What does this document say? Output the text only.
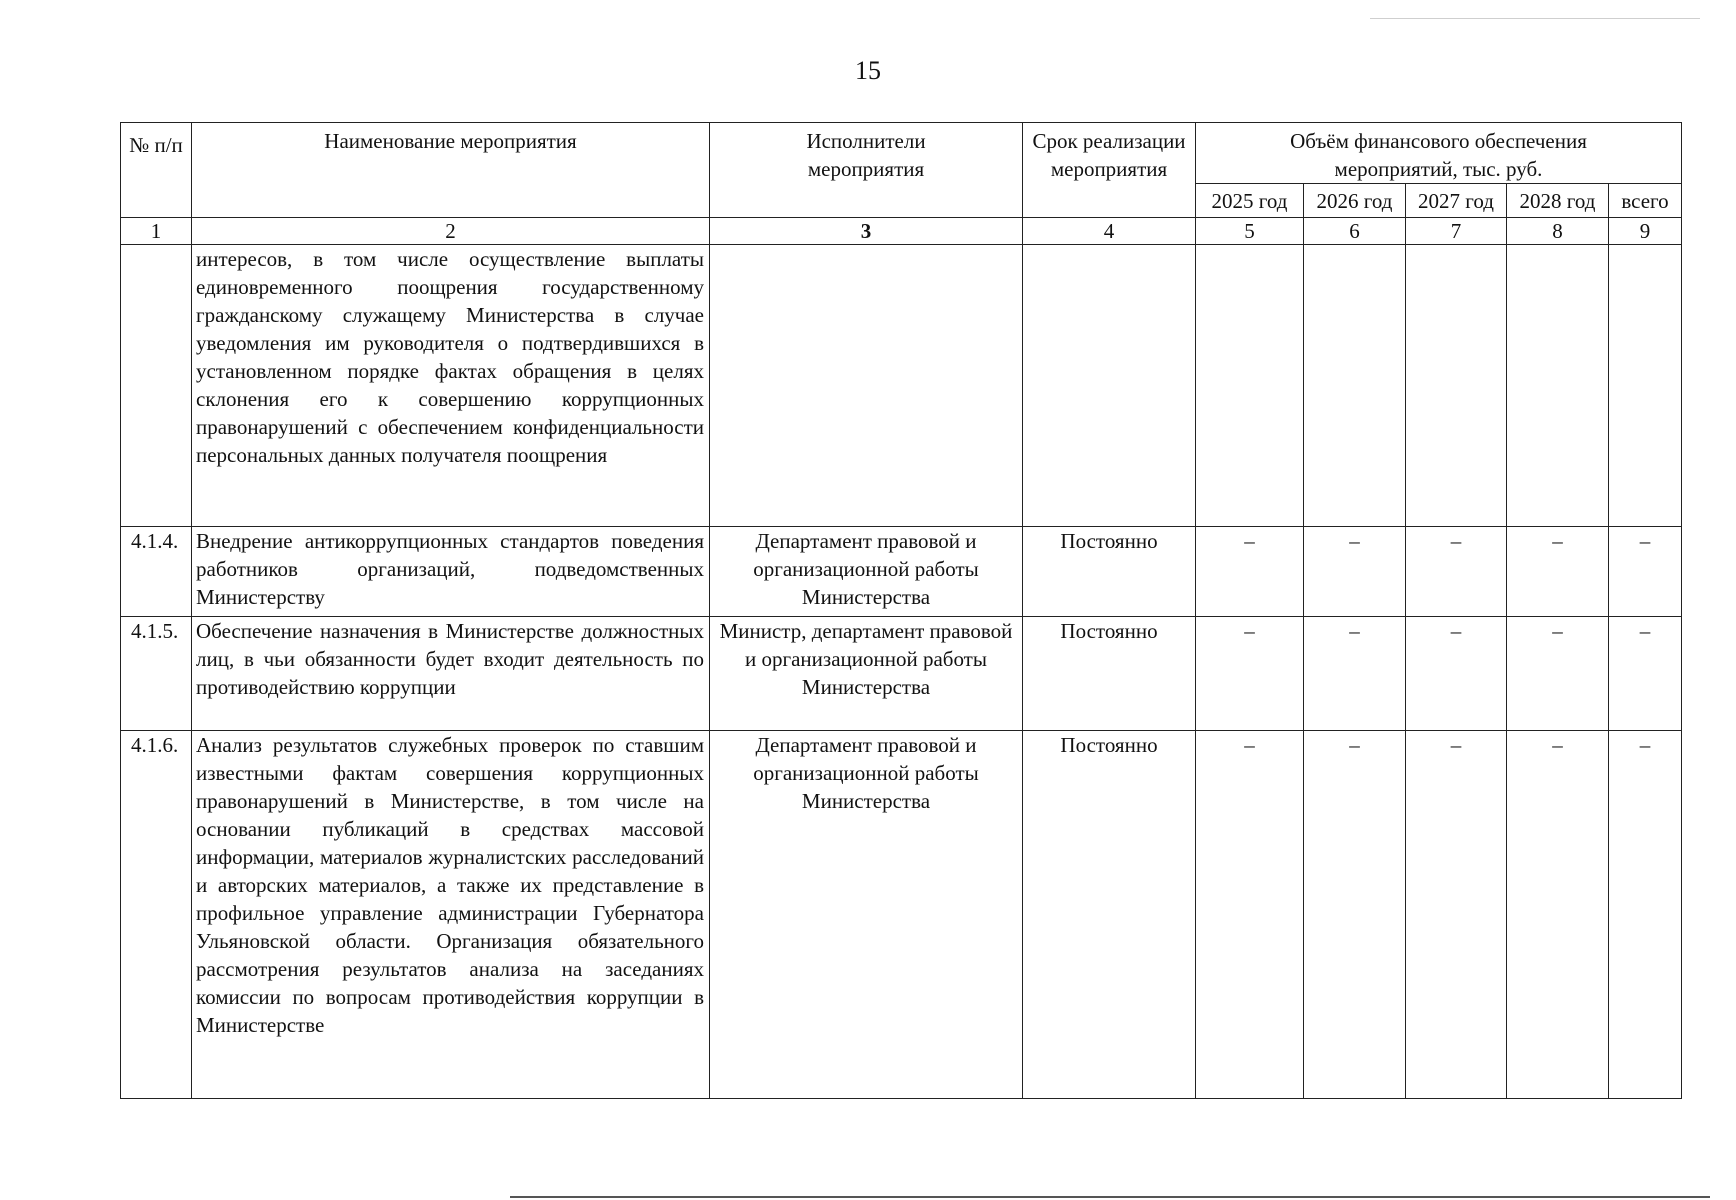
15
№ п/п	Наименование мероприятия	Исполнители мероприятия	Срок реализации мероприятия	Объём финансового обеспечения мероприятий, тыс. руб.				
				2025 год	2026 год	2027 год	2028 год	всего
1	2	3	4	5	6	7	8	9
	интересов, в том числе осуществление выплаты единовременного поощрения государственному гражданскому служащему Министерства в случае уведомления им руководителя о подтвердившихся в установленном порядке фактах обращения в целях склонения его к совершению коррупционных правонарушений с обеспечением конфиденциальности персональных данных получателя поощрения							
4.1.4.	Внедрение антикоррупционных стандартов поведения работников организаций, подведомственных Министерству	Департамент правовой и организационной работы Министерства	Постоянно	–	–	–	–	–
4.1.5.	Обеспечение назначения в Министерстве должностных лиц, в чьи обязанности будет входит деятельность по противодействию коррупции	Министр, департамент правовой и организационной работы Министерства	Постоянно	–	–	–	–	–
4.1.6.	Анализ результатов служебных проверок по ставшим известными фактам совершения коррупционных правонарушений в Министерстве, в том числе на основании публикаций в средствах массовой информации, материалов журналистских расследований и авторских материалов, а также их представление в профильное управление администрации Губернатора Ульяновской области. Организация обязательного рассмотрения результатов анализа на заседаниях комиссии по вопросам противодействия коррупции в Министерстве	Департамент правовой и организационной работы Министерства	Постоянно	–	–	–	–	–
